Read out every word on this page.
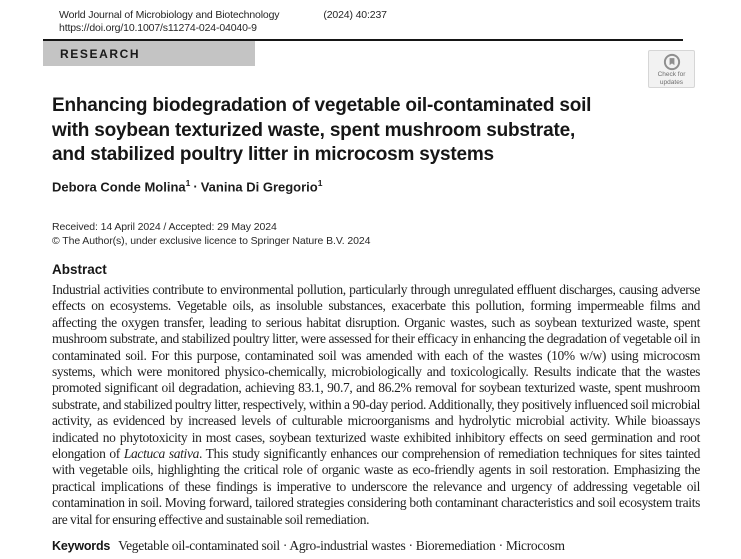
World Journal of Microbiology and Biotechnology	(2024) 40:237
https://doi.org/10.1007/s11274-024-04040-9
RESEARCH
Check for
updates
Enhancing biodegradation of vegetable oil-contaminated soil
with soybean texturized waste, spent mushroom substrate,
and stabilized poultry litter in microcosm systems
Debora Conde Molina$^1$ · Vanina Di Gregorio$^1$
Received: 14 April 2024 / Accepted: 29 May 2024
© The Author(s), under exclusive licence to Springer Nature B.V. 2024
Abstract
Industrial activities contribute to environmental pollution, particularly through unregulated effluent discharges, causing adverse effects on ecosystems. Vegetable oils, as insoluble substances, exacerbate this pollution, forming impermeable films and affecting the oxygen transfer, leading to serious habitat disruption. Organic wastes, such as soybean texturized waste, spent mushroom substrate, and stabilized poultry litter, were assessed for their efficacy in enhancing the degradation of vegetable oil in contaminated soil. For this purpose, contaminated soil was amended with each of the wastes (10% w/w) using microcosm systems, which were monitored physico-chemically, microbiologically and toxicologically. Results indicate that the wastes promoted significant oil degradation, achieving 83.1, 90.7, and 86.2% removal for soybean texturized waste, spent mushroom substrate, and stabilized poultry litter, respectively, within a 90-day period. Additionally, they positively influenced soil microbial activity, as evidenced by increased levels of culturable microorganisms and hydrolytic microbial activity. While bioassays indicated no phytotoxicity in most cases, soybean texturized waste exhibited inhibitory effects on seed germination and root elongation of Lactuca sativa. This study significantly enhances our comprehension of remediation techniques for sites tainted with vegetable oils, highlighting the critical role of organic waste as eco-friendly agents in soil restoration. Emphasizing the practical implications of these findings is imperative to underscore the relevance and urgency of addressing vegetable oil contamination in soil. Moving forward, tailored strategies considering both contaminant characteristics and soil ecosystem traits are vital for ensuring effective and sustainable soil remediation.
Keywords Vegetable oil-contaminated soil · Agro-industrial wastes · Bioremediation · Microcosm
